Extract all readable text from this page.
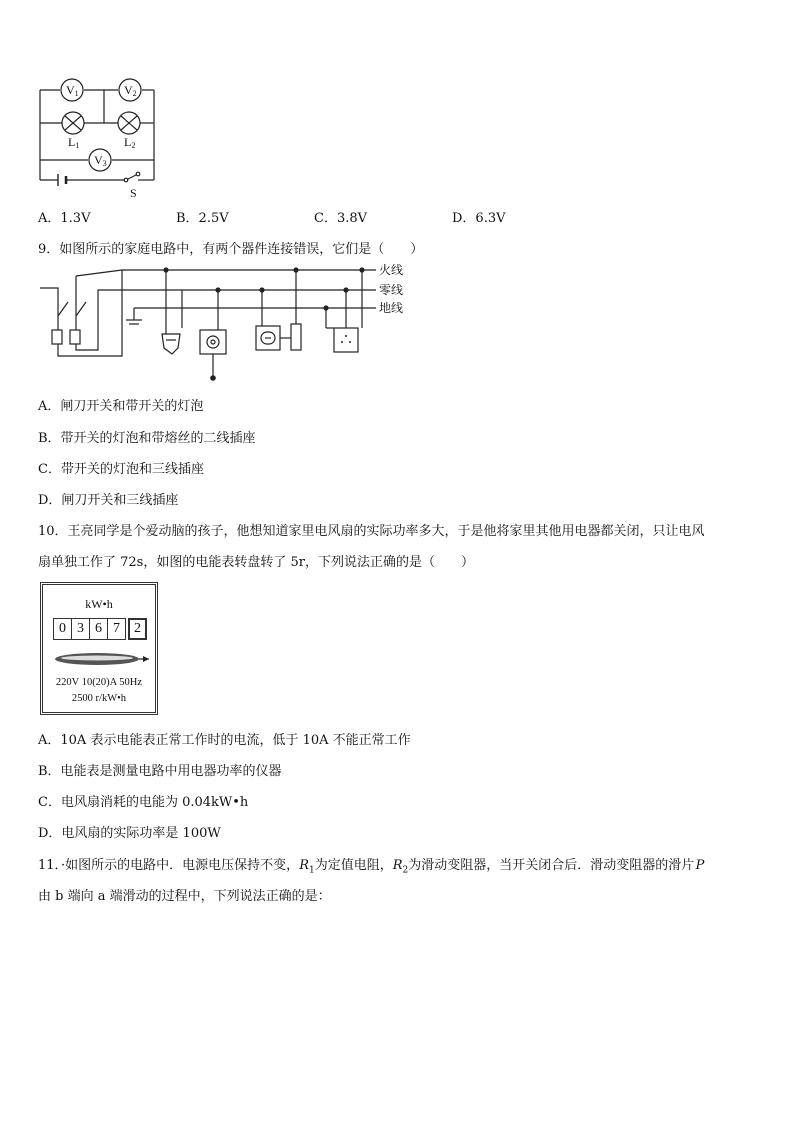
V1	V2
V3
L1	L2
S
A．1.3V	B．2.5V	C．3.8V	D．6.3V
9．如图所示的家庭电路中，有两个器件连接错误，它们是（　　）
火线
零线
地线
A．闸刀开关和带开关的灯泡
B．带开关的灯泡和带熔丝的二线插座
C．带开关的灯泡和三线插座
D．闸刀开关和三线插座
10．王亮同学是个爱动脑的孩子，他想知道家里电风扇的实际功率多大，于是他将家里其他用电器都关闭，只让电风
扇单独工作了 72s，如图的电能表转盘转了 5r，下列说法正确的是（　　）
kW•h
0 3 6 7	2
220V 10(20)A 50Hz
2500 r/kW•h
A．10A 表示电能表正常工作时的电流，低于 10A 不能正常工作
B．电能表是测量电路中用电器功率的仪器
C．电风扇消耗的电能为 0.04kW•h
D．电风扇的实际功率是 100W
11．·如图所示的电路中．电源电压保持不变，$R_1$为定值电阻，$R_2$为滑动变阻器，当开关闭合后．滑动变阻器的滑片 P
由 b 端向 a 端滑动的过程中，下列说法正确的是：
